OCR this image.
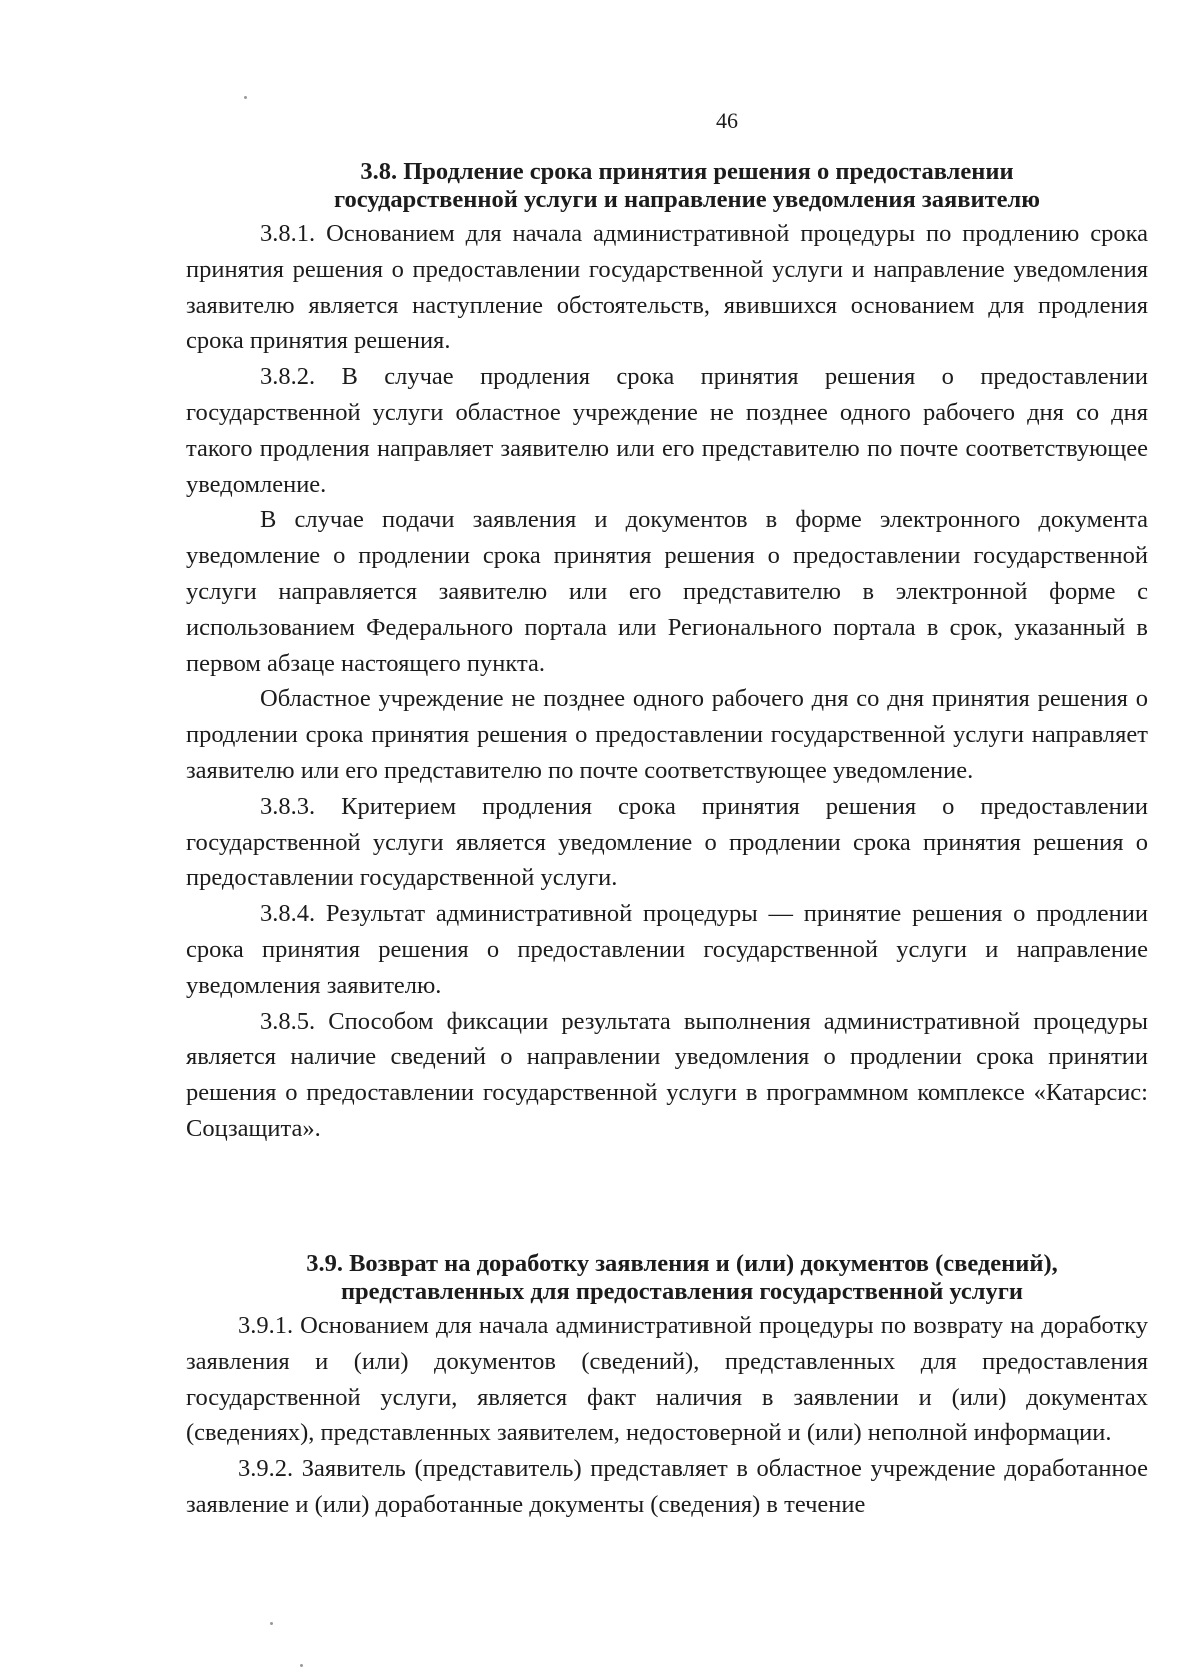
46
3.8. Продление срока принятия решения о предоставлении
государственной услуги и направление уведомления заявителю

3.8.1. Основанием для начала административной процедуры по продлению срока принятия решения о предоставлении государственной услуги и направление уведомления заявителю является наступление обстоятельств, явившихся основанием для продления срока принятия решения.

3.8.2. В случае продления срока принятия решения о предоставлении государственной услуги областное учреждение не позднее одного рабочего дня со дня такого продления направляет заявителю или его представителю по почте соответствующее уведомление.

В случае подачи заявления и документов в форме электронного документа уведомление о продлении срока принятия решения о предоставлении государственной услуги направляется заявителю или его представителю в электронной форме с использованием Федерального портала или Регионального портала в срок, указанный в первом абзаце настоящего пункта.

Областное учреждение не позднее одного рабочего дня со дня принятия решения о продлении срока принятия решения о предоставлении государственной услуги направляет заявителю или его представителю по почте соответствующее уведомление.

3.8.3. Критерием продления срока принятия решения о предоставлении государственной услуги является уведомление о продлении срока принятия решения о предоставлении государственной услуги.

3.8.4. Результат административной процедуры — принятие решения о продлении срока принятия решения о предоставлении государственной услуги и направление уведомления заявителю.

3.8.5. Способом фиксации результата выполнения административной процедуры является наличие сведений о направлении уведомления о продлении срока принятии решения о предоставлении государственной услуги в программном комплексе «Катарсис: Соцзащита».

3.9. Возврат на доработку заявления и (или) документов (сведений),
представленных для предоставления государственной услуги

3.9.1. Основанием для начала административной процедуры по возврату на доработку заявления и (или) документов (сведений), представленных для предоставления государственной услуги, является факт наличия в заявлении и (или) документах (сведениях), представленных заявителем, недостоверной и (или) неполной информации.

3.9.2. Заявитель (представитель) представляет в областное учреждение доработанное заявление и (или) доработанные документы (сведения) в течение
